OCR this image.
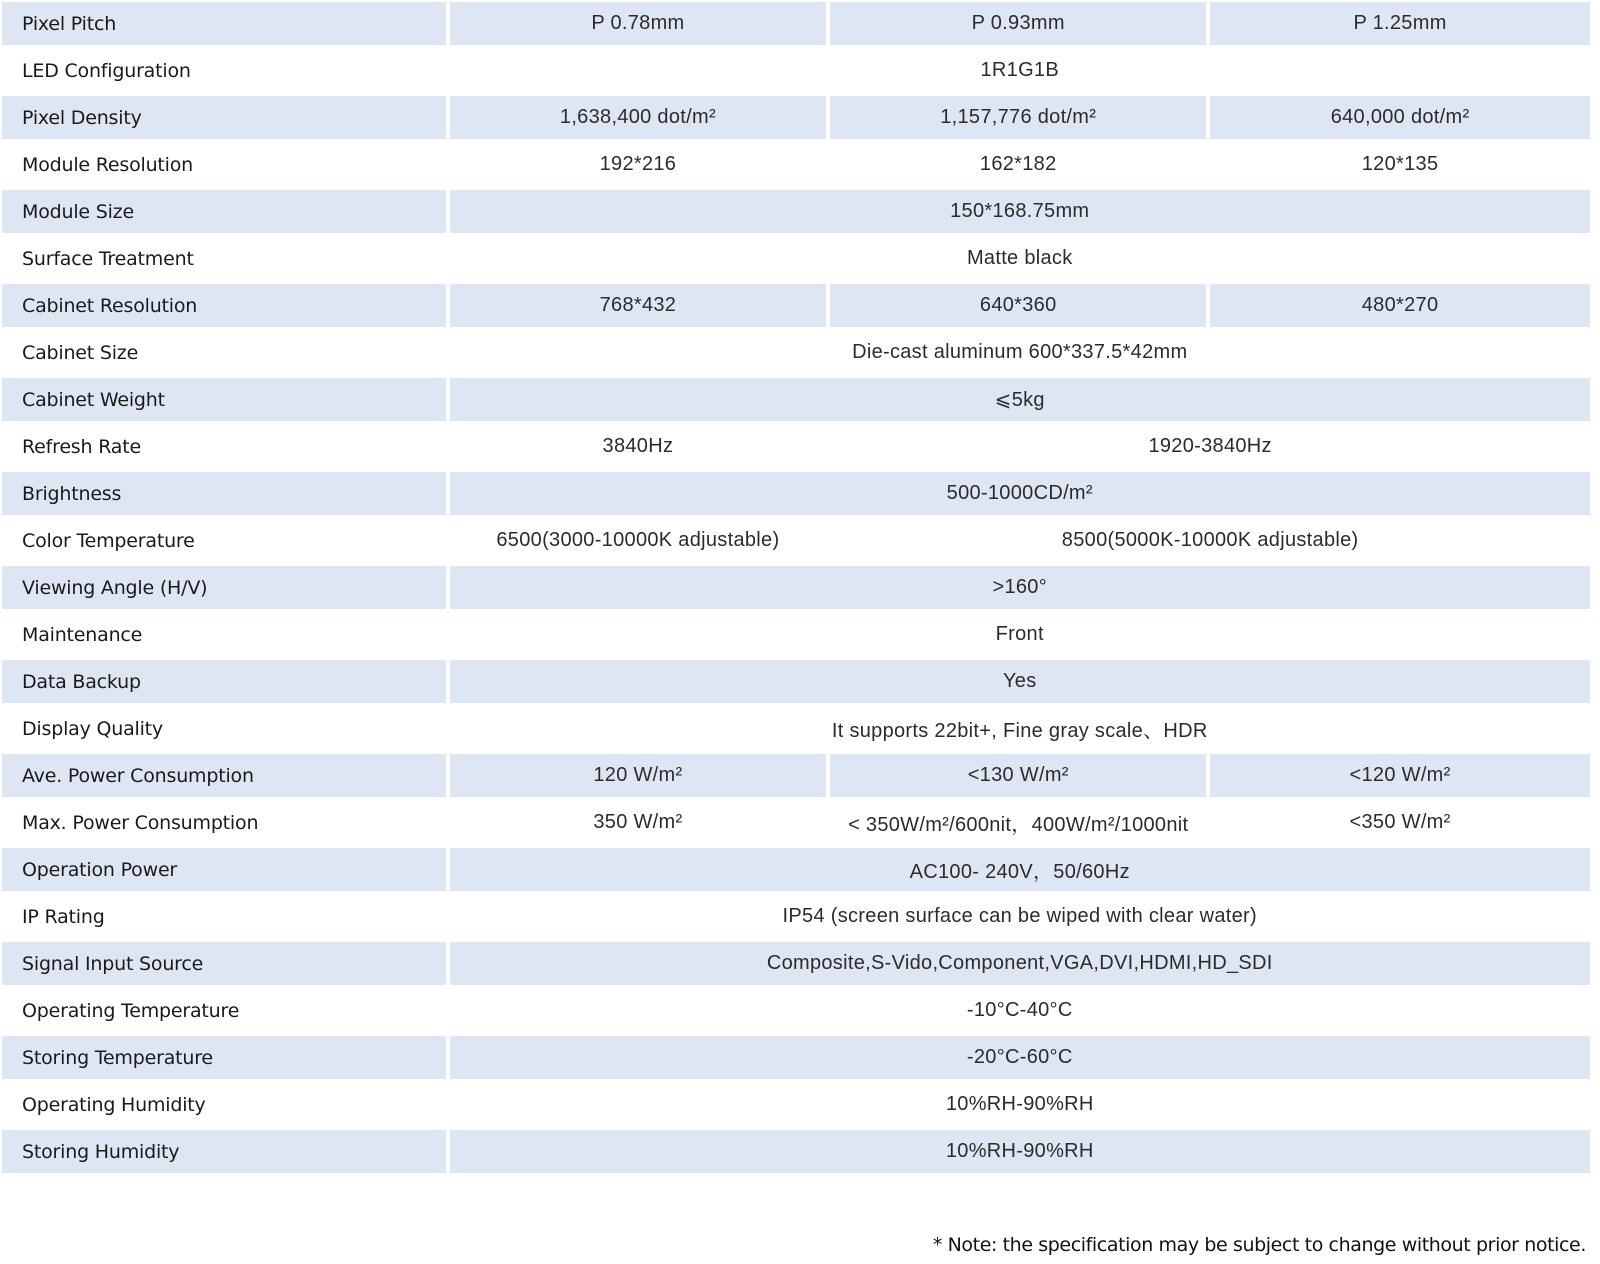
Pixel Pitch	P 0.78mm	P 0.93mm	P 1.25mm
LED Configuration	1R1G1B		
Pixel Density	1,638,400 dot/m²	1,157,776 dot/m²	640,000 dot/m²
Module Resolution	192*216	162*182	120*135
Module Size	150*168.75mm		
Surface Treatment	Matte black		
Cabinet Resolution	768*432	640*360	480*270
Cabinet Size	Die-cast aluminum 600*337.5*42mm		
Cabinet Weight	⩽5kg		
Refresh Rate	3840Hz	1920-3840Hz	
Brightness	500-1000CD/m²		
Color Temperature	6500(3000-10000K adjustable)	8500(5000K-10000K adjustable)	
Viewing Angle (H/V)	>160°		
Maintenance	Front		
Data Backup	Yes		
Display Quality	It supports 22bit+, Fine gray scale、HDR		
Ave. Power Consumption	120 W/m²	<130 W/m²	<120 W/m²
Max. Power Consumption	350 W/m²	< 350W/m²/600nit，400W/m²/1000nit	<350 W/m²
Operation Power	AC100- 240V，50/60Hz		
IP Rating	IP54 (screen surface can be wiped with clear water)		
Signal Input Source	Composite,S-Vido,Component,VGA,DVI,HDMI,HD_SDI		
Operating Temperature	-10°C-40°C		
Storing Temperature	-20°C-60°C		
Operating Humidity	10%RH-90%RH		
Storing Humidity	10%RH-90%RH		
* Note: the specification may be subject to change without prior notice.
